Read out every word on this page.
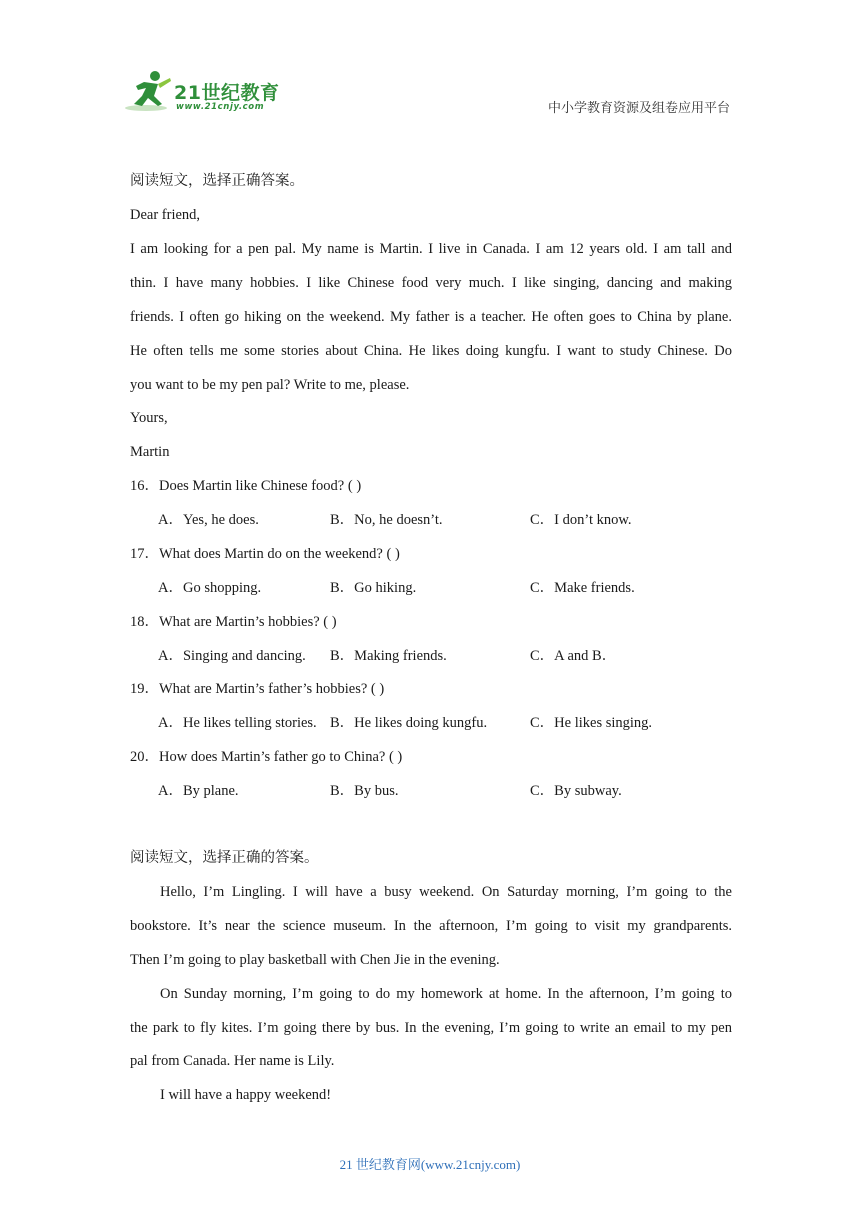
21世纪教育
www.21cnjy.com	中小学教育资源及组卷应用平台
阅读短文，选择正确答案。
Dear friend,
I am looking for a pen pal. My name is Martin. I live in Canada. I am 12 years old. I am tall and
thin. I have many hobbies. I like Chinese food very much. I like singing, dancing and making
friends. I often go hiking on the weekend. My father is a teacher. He often goes to China by plane.
He often tells me some stories about China. He likes doing kungfu. I want to study Chinese. Do
you want to be my pen pal? Write to me, please.
Yours,
Martin
16．Does Martin like Chinese food? ( )
A．Yes, he does.	B．No, he doesn’t.	C．I don’t know.
17．What does Martin do on the weekend? ( )
A．Go shopping.	B．Go hiking.	C．Make friends.
18．What are Martin’s hobbies? ( )
A．Singing and dancing. B．Making friends.	C．A and B．
19．What are Martin’s father’s hobbies? ( )
A．He likes telling stories. B．He likes doing kungfu.	C．He likes singing.
20．How does Martin’s father go to China? ( )
A．By plane.	B．By bus.	C．By subway.
阅读短文，选择正确的答案。
Hello, I’m Lingling. I will have a busy weekend. On Saturday morning, I’m going to the
bookstore. It’s near the science museum. In the afternoon, I’m going to visit my grandparents.
Then I’m going to play basketball with Chen Jie in the evening.
On Sunday morning, I’m going to do my homework at home. In the afternoon, I’m going to
the park to fly kites. I’m going there by bus. In the evening, I’m going to write an email to my pen
pal from Canada. Her name is Lily.
I will have a happy weekend!
21 世纪教育网(www.21cnjy.com)
